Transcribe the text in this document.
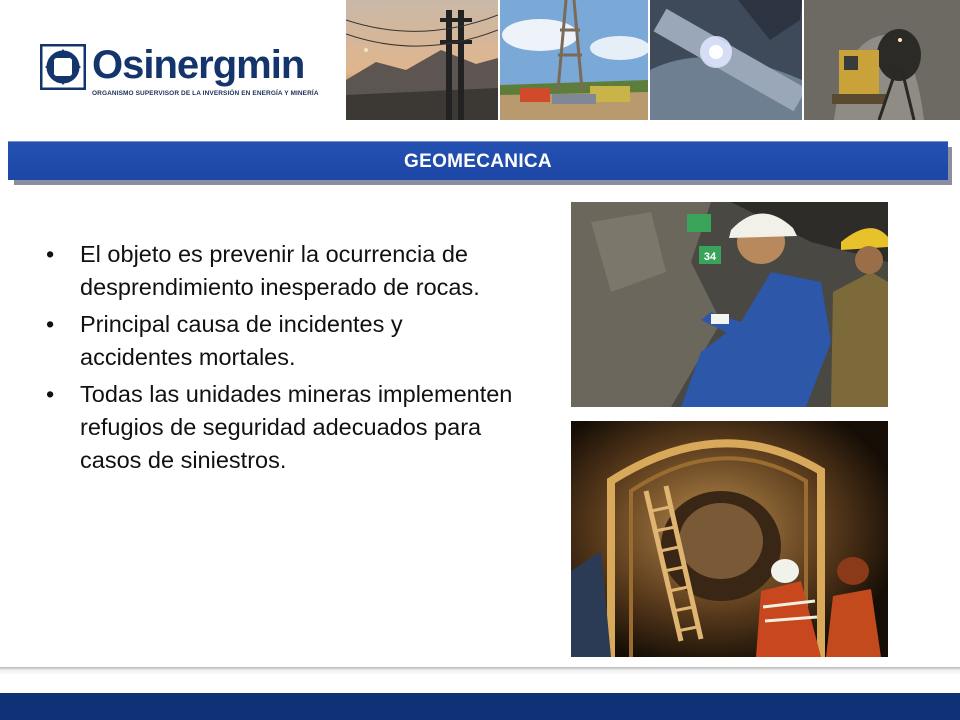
Osinergmin
ORGANISMO SUPERVISOR DE LA INVERSIÓN EN ENERGÍA Y MINERÍA
GEOMECANICA
• El objeto es prevenir la ocurrencia de desprendimiento inesperado de rocas.
• Principal causa de incidentes y accidentes mortales.
• Todas las unidades mineras implementen refugios de seguridad adecuados para casos de siniestros.
34
